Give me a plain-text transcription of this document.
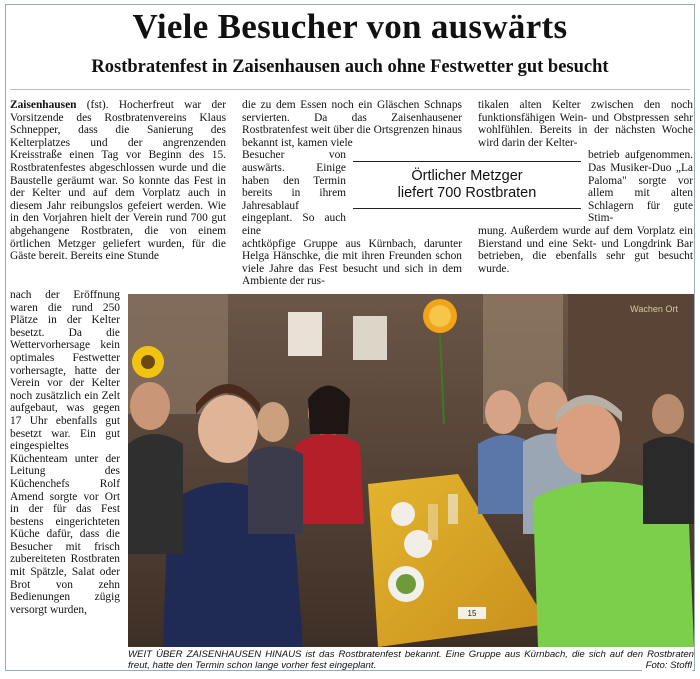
Viele Besucher von auswärts
Rostbratenfest in Zaisenhausen auch ohne Festwetter gut besucht
Zaisenhausen (fst). Hocherfreut war der Vorsitzende des Rostbratenvereins Klaus Schnepper, dass die Sanierung des Kelterplatzes und der angrenzenden Kreisstraße einen Tag vor Beginn des 15. Rostbratenfestes abgeschlossen wurde und die Baustelle geräumt war. So konnte das Fest in der Kelter und auf dem Vorplatz auch in diesem Jahr reibungslos gefeiert werden. Wie in den Vorjahren hielt der Verein rund 700 gut abgehangene Rostbraten, die von einem örtlichen Metzger geliefert wurden, für die Gäste bereit. Bereits eine Stunde
nach der Eröffnung waren die rund 250 Plätze in der Kelter besetzt. Da die Wettervorhersage kein optimales Festwetter vorhersagte, hatte der Verein vor der Kelter noch zusätzlich ein Zelt aufgebaut, was gegen 17 Uhr ebenfalls gut besetzt war. Ein gut eingespieltes Küchenteam unter der Leitung des Küchenchefs Rolf Amend sorgte vor Ort in der für das Fest bestens eingerichteten Küche dafür, dass die Besucher mit frisch zubereiteten Rostbraten mit Spätzle, Salat oder Brot von zehn Bedienungen zügig versorgt wurden,
die zu dem Essen noch ein Gläschen Schnaps servierten. Da das Zaisenhausener Rostbratenfest weit über die Ortsgrenzen hinaus bekannt ist, kamen viele
Besucher von auswärts. Einige haben den Termin bereits in ihrem Jahresablauf eingeplant. So auch eine
achtköpfige Gruppe aus Kürnbach, darunter Helga Hänschke, die mit ihren Freunden schon viele Jahre das Fest besucht und sich in dem Ambiente der rus-
tikalen alten Kelter zwischen den noch funktionsfähigen Wein- und Obstpressen sehr wohlfühlen. Bereits in der nächsten Woche wird darin der Kelter-
betrieb aufgenommen. Das Musiker-Duo „La Paloma" sorgte vor allem mit alten Schlagern für gute Stim-
mung. Außerdem wurde auf dem Vorplatz ein Bierstand und eine Sekt- und Longdrink Bar betrieben, die ebenfalls sehr gut besucht wurde.
Örtlicher Metzger
liefert 700 Rostbraten
Wachen Ort
15
WEIT ÜBER ZAISENHAUSEN HINAUS ist das Rostbratenfest bekannt. Eine Gruppe aus Kürnbach, die sich auf den Rostbraten freut, hatte den Termin schon lange vorher fest eingeplant.	Foto: Stoffl
